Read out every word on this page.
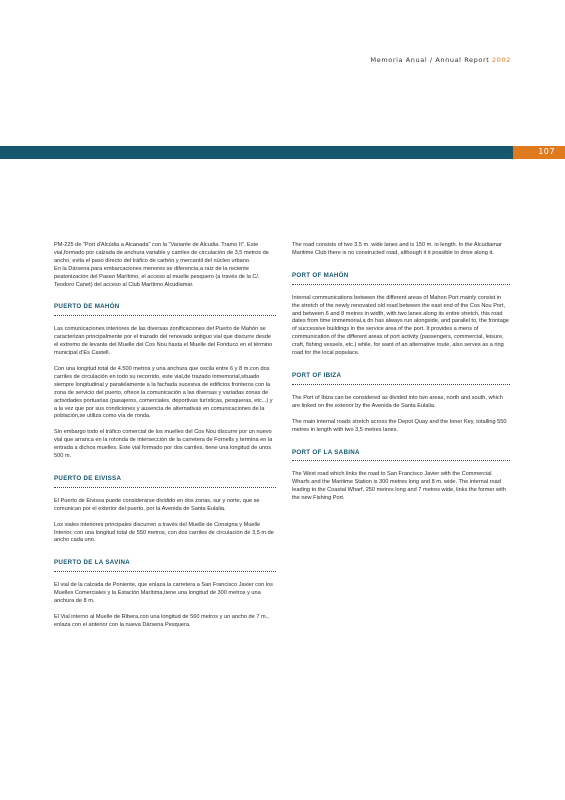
Memoria Anual / Annual Report 2002
107

PM-225 de "Port d'Alcúdia a Alcanada" con la "Variante de Alcudia. Tramo II". Este vial,formado por calzada de anchura variable y carriles de circulación de 3,5 metros de ancho, evita el paso directo del tráfico de carbón y mercantil del núcleo urbano.

En la Dársena para embarcaciones menores se diferencia,a raíz de la reciente peatonización del Paseo Marítimo, el acceso al muelle pesquero (a través de la C/. Teodoro Canet) del acceso al Club Marítimo Alcudiamar.

PUERTO DE MAHÓN

Las comunicaciones interiores de las diversas zonificaciones del Puerto de Mahón se caracterizan principalmente por el trazado del renovado antiguo vial que discurre desde el extremo de levante del Muelle del Cos Nou hasta el Muelle del Fonduco en el término municipal d'Es Castell.

Con una longitud total de 4.500 metros y una anchura que oscila entre 6 y 8 m.con dos carriles de circulación en todo su recorrido, este vial,de trazado inmemorial,situado siempre longitudinal y paralelamente a la fachada sucesiva de edificios fronteros con la zona de servicio del puerto, ofrece la comunicación a las diversas y variadas zonas de actividades portuarias (pasajeros, comerciales, deportivas turísticas, pesqueras, etc...) y a la vez que por sus condiciones y ausencia de alternativas en comunicaciones de la población,se utiliza como vía de ronda.

Sin embargo todo el tráfico comercial de los muelles del Cos Nou discurre por un nuevo vial que arranca en la rotonda de intersección de la carretera de Fornells y termina en la entrada a dichos muelles. Este vial formado por dos carriles, tiene una longitud de unos 500 m.

PUERTO DE EIVISSA

El Puerto de Eivissa puede considerarse dividido en dos zonas, sur y norte, que se comunican por el exterior del puerto, por la Avenida de Santa Eulalia.

Los viales interiores principales discurren a través del Muelle de Consigna y Muelle Interior, con una longitud total de 550 metros, con dos carriles de circulación de 3,5 m.de ancho cada uno.

PUERTO DE LA SAVINA

El vial de la calzada de Poniente, que enlaza la carretera a San Francisco Javier con los Muelles Comerciales y la Estación Marítima,tiene una longitud de 300 metros y una anchura de 8 m.

El Vial interno al Muelle de Ribera,con una longitud de 560 metros y un ancho de 7 m., enlaza con el anterior con la nueva Dársena Pesquera.

The road consists of two 3,5 m. wide lanes and is 150 m. in length. In the Alcudiamar Maritime Club there is no constructed road, although it it possible to drive along it.

PORT OF MAHÓN

Internal communications between the different areas of Mahon Port mainly consist in the stretch of the newly renovated old road between the east end of the Cos Nou Port, and between 6 and 8 metres in width, with two lanes along its entire stretch, this road dates from time immemorial,a dn has always run alongside, and parallel to, the frontage of successive buildings in the service area of the port. It provides a mens of communication of the different areas of port activity (passengers, commercial, leisure, craft, fishing vessels, etc.) while, for want of an alternative route, also serves as a ring road for the local populace.

PORT OF IBIZA

The Port of Ibiza can be considered as divided into two areas, north and south, which are linked on the exterior by the Avenida de Santa Eulalia.

The main internal roads stretch across the Depot Quay and the Inner Key, totalling 550 metres in length with two 3,5 metres lanes.

PORT OF LA SABINA

The West road which links the road to San Francisco Javier with the Commercial Wharfs and the Maritime Station is 300 metres long and 8 m. wide. The internal road leading to the Coastal Wharf, 250 metres long and 7 metres wide, links the former with the new Fishing Port.
